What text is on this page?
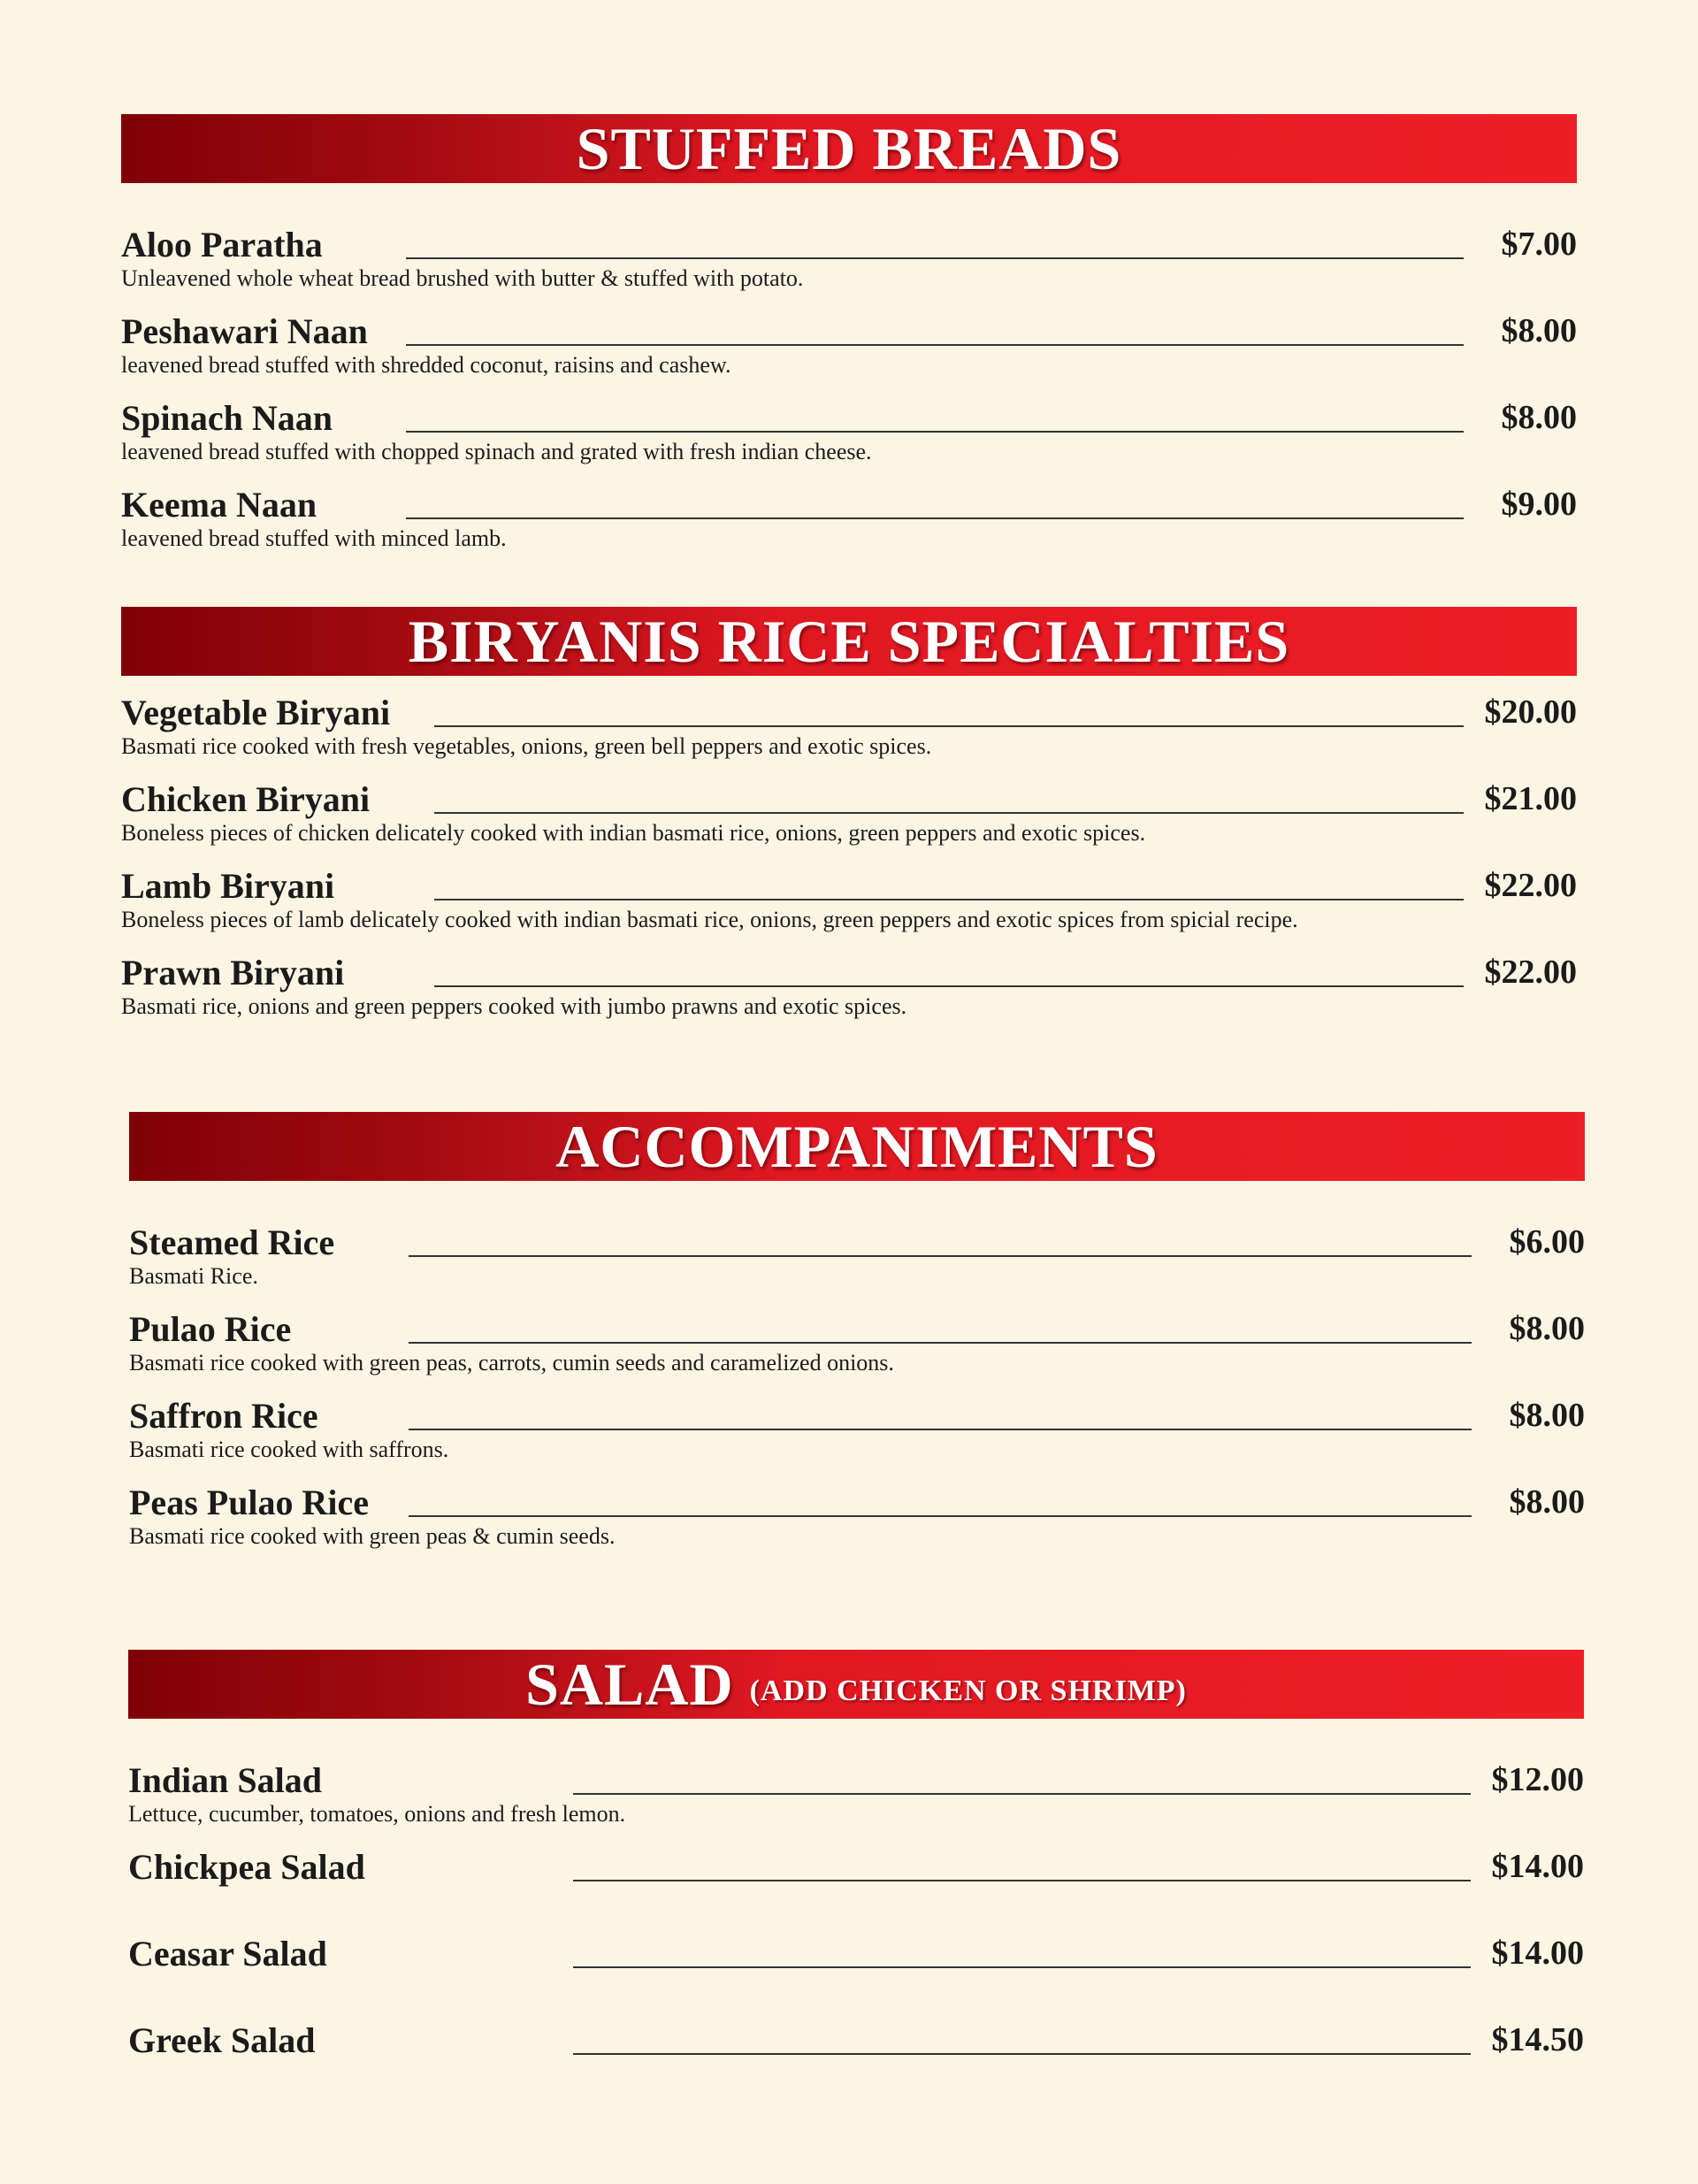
STUFFED BREADS
Aloo Paratha	$7.00
Unleavened whole wheat bread brushed with butter & stuffed with potato.
Peshawari Naan	$8.00
leavened bread stuffed with shredded coconut, raisins and cashew.
Spinach Naan	$8.00
leavened bread stuffed with chopped spinach and grated with fresh indian cheese.
Keema Naan	$9.00
leavened bread stuffed with minced lamb.
BIRYANIS RICE SPECIALTIES
Vegetable Biryani	$20.00
Basmati rice cooked with fresh vegetables, onions, green bell peppers and exotic spices.
Chicken Biryani	$21.00
Boneless pieces of chicken delicately cooked with indian basmati rice, onions, green peppers and exotic spices.
Lamb Biryani	$22.00
Boneless pieces of lamb delicately cooked with indian basmati rice, onions, green peppers and exotic spices from spicial recipe.
Prawn Biryani	$22.00
Basmati rice, onions and green peppers cooked with jumbo prawns and exotic spices.
ACCOMPANIMENTS
Steamed Rice	$6.00
Basmati Rice.
Pulao Rice	$8.00
Basmati rice cooked with green peas, carrots, cumin seeds and caramelized onions.
Saffron Rice	$8.00
Basmati rice cooked with saffrons.
Peas Pulao Rice	$8.00
Basmati rice cooked with green peas & cumin seeds.
SALAD (ADD CHICKEN OR SHRIMP)
Indian Salad	$12.00
Lettuce, cucumber, tomatoes, onions and fresh lemon.
Chickpea Salad	$14.00
Ceasar Salad	$14.00
Greek Salad	$14.50
